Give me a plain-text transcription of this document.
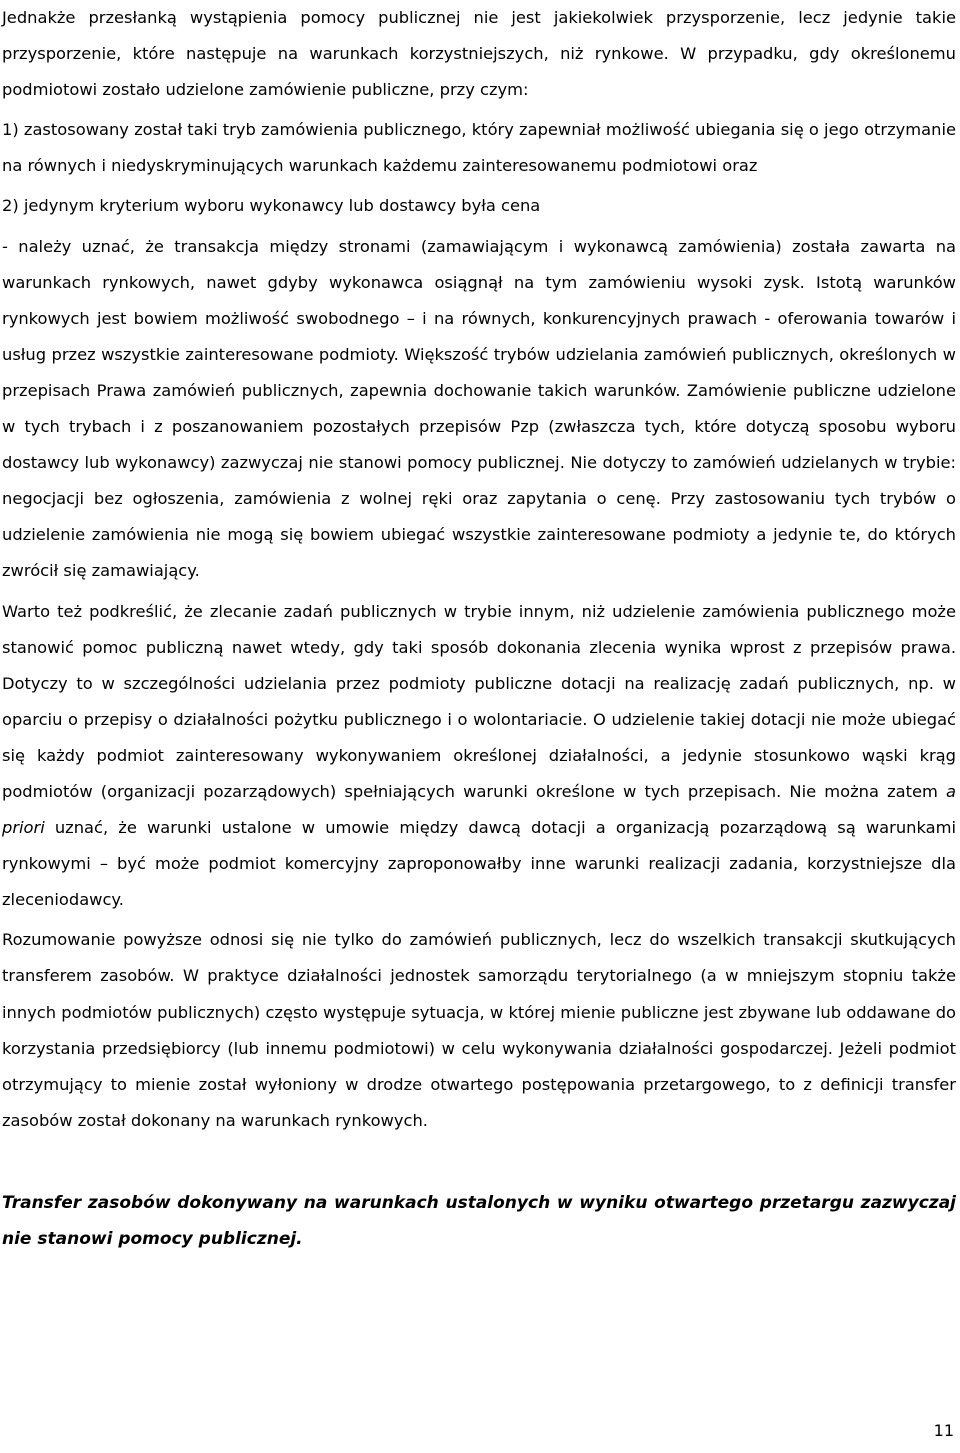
Jednakże przesłanką wystąpienia pomocy publicznej nie jest jakiekolwiek przysporzenie, lecz jedynie takie przysporzenie, które następuje na warunkach korzystniejszych, niż rynkowe. W przypadku, gdy określonemu podmiotowi zostało udzielone zamówienie publiczne, przy czym:

1) zastosowany został taki tryb zamówienia publicznego, który zapewniał możliwość ubiegania się o jego otrzymanie na równych i niedyskryminujących warunkach każdemu zainteresowanemu podmiotowi oraz

2) jedynym kryterium wyboru wykonawcy lub dostawcy była cena

- należy uznać, że transakcja między stronami (zamawiającym i wykonawcą zamówienia) została zawarta na warunkach rynkowych, nawet gdyby wykonawca osiągnął na tym zamówieniu wysoki zysk. Istotą warunków rynkowych jest bowiem możliwość swobodnego – i na równych, konkurencyjnych prawach - oferowania towarów i usług przez wszystkie zainteresowane podmioty. Większość trybów udzielania zamówień publicznych, określonych w przepisach Prawa zamówień publicznych, zapewnia dochowanie takich warunków. Zamówienie publiczne udzielone w tych trybach i z poszanowaniem pozostałych przepisów Pzp (zwłaszcza tych, które dotyczą sposobu wyboru dostawcy lub wykonawcy) zazwyczaj nie stanowi pomocy publicznej. Nie dotyczy to zamówień udzielanych w trybie: negocjacji bez ogłoszenia, zamówienia z wolnej ręki oraz zapytania o cenę. Przy zastosowaniu tych trybów o udzielenie zamówienia nie mogą się bowiem ubiegać wszystkie zainteresowane podmioty a jedynie te, do których zwrócił się zamawiający.

Warto też podkreślić, że zlecanie zadań publicznych w trybie innym, niż udzielenie zamówienia publicznego może stanowić pomoc publiczną nawet wtedy, gdy taki sposób dokonania zlecenia wynika wprost z przepisów prawa. Dotyczy to w szczególności udzielania przez podmioty publiczne dotacji na realizację zadań publicznych, np. w oparciu o przepisy o działalności pożytku publicznego i o wolontariacie. O udzielenie takiej dotacji nie może ubiegać się każdy podmiot zainteresowany wykonywaniem określonej działalności, a jedynie stosunkowo wąski krąg podmiotów (organizacji pozarządowych) spełniających warunki określone w tych przepisach. Nie można zatem a priori uznać, że warunki ustalone w umowie między dawcą dotacji a organizacją pozarządową są warunkami rynkowymi – być może podmiot komercyjny zaproponowałby inne warunki realizacji zadania, korzystniejsze dla zleceniodawcy.

Rozumowanie powyższe odnosi się nie tylko do zamówień publicznych, lecz do wszelkich transakcji skutkujących transferem zasobów. W praktyce działalności jednostek samorządu terytorialnego (a w mniejszym stopniu także innych podmiotów publicznych) często występuje sytuacja, w której mienie publiczne jest zbywane lub oddawane do korzystania przedsiębiorcy (lub innemu podmiotowi) w celu wykonywania działalności gospodarczej. Jeżeli podmiot otrzymujący to mienie został wyłoniony w drodze otwartego postępowania przetargowego, to z definicji transfer zasobów został dokonany na warunkach rynkowych.

Transfer zasobów dokonywany na warunkach ustalonych w wyniku otwartego przetargu zazwyczaj nie stanowi pomocy publicznej.

11
